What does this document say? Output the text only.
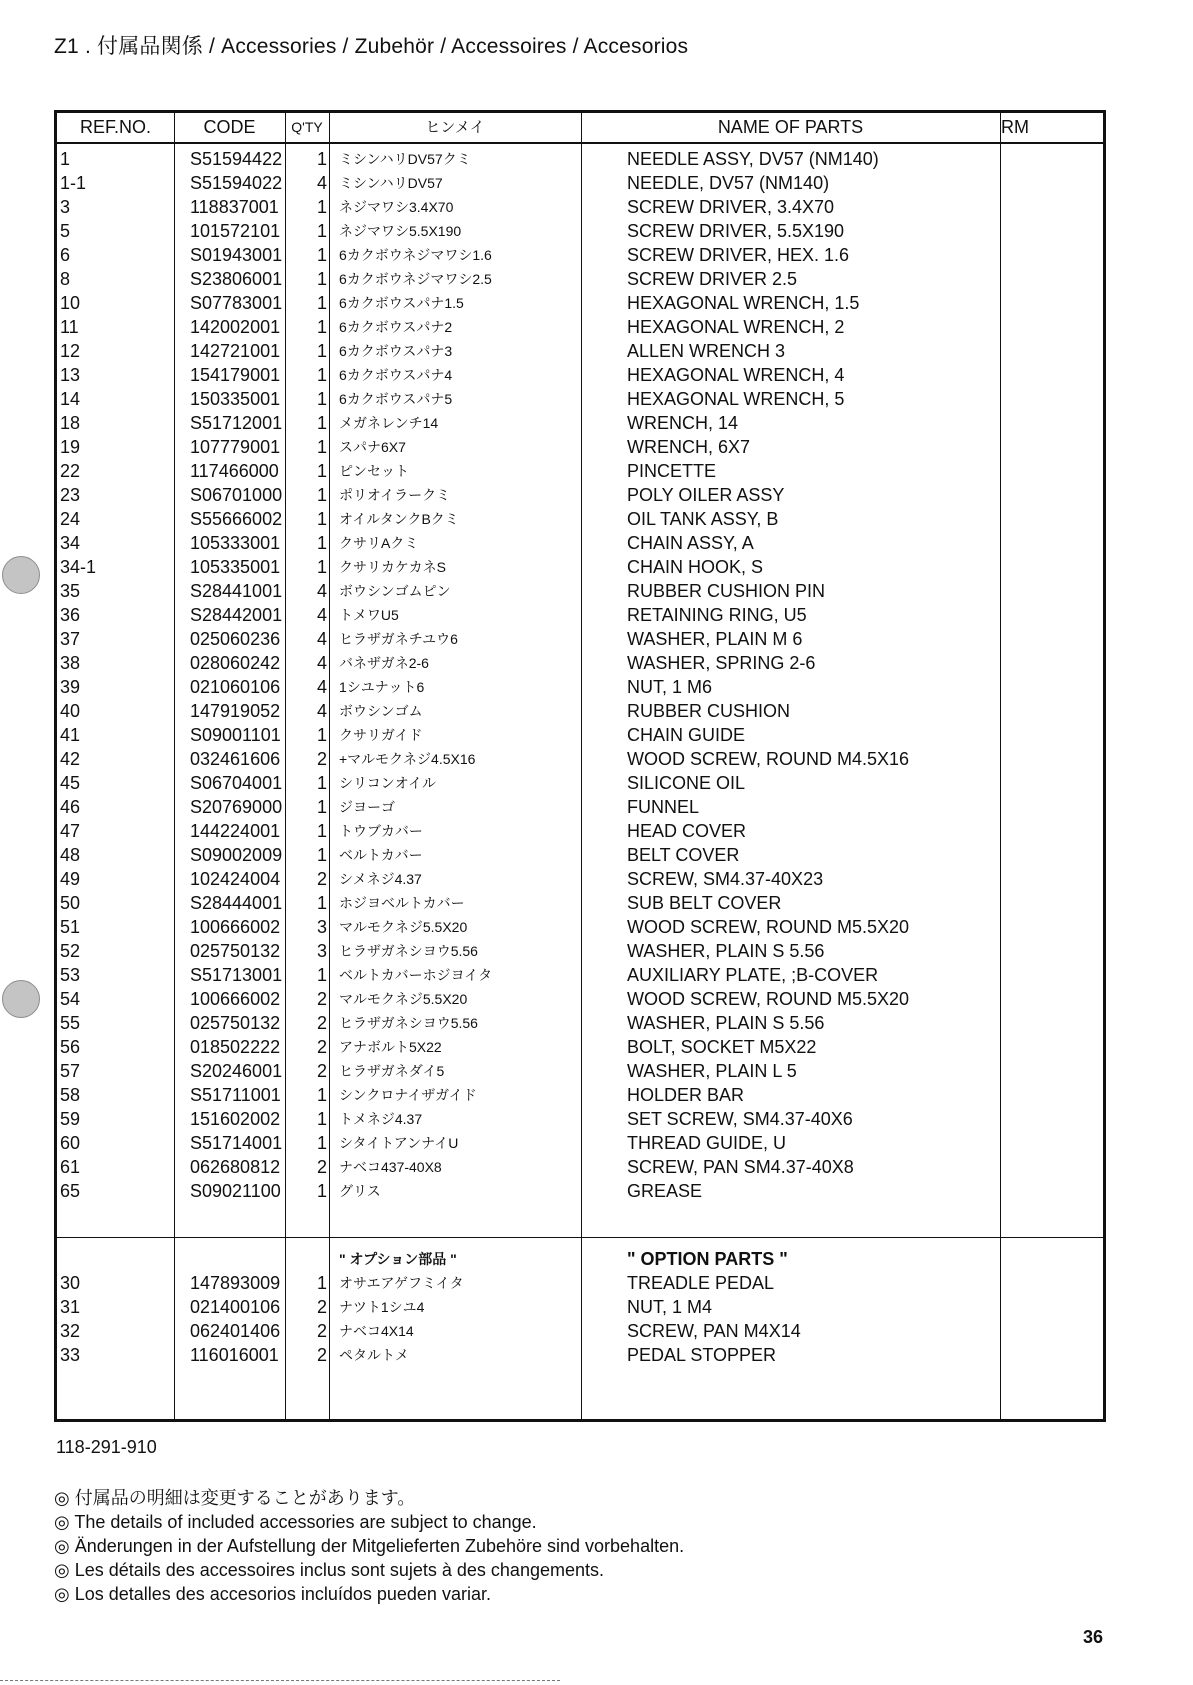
Z1 . 付属品関係 / Accessories / Zubehör / Accessoires / Accesorios
REF.NO.	CODE	Q'TY	ヒンメイ	NAME OF PARTS	RM
1	S51594422	1 ミシンハリDV57クミ	NEEDLE ASSY, DV57 (NM140)
1-1	S51594022	4 ミシンハリDV57	NEEDLE, DV57 (NM140)
3	118837001	1 ネジマワシ3.4X70	SCREW DRIVER, 3.4X70
5	101572101	1 ネジマワシ5.5X190	SCREW DRIVER, 5.5X190
6	S01943001	1 6カクボウネジマワシ1.6	SCREW DRIVER, HEX. 1.6
8	S23806001	1 6カクボウネジマワシ2.5	SCREW DRIVER 2.5
10	S07783001	1 6カクボウスパナ1.5	HEXAGONAL WRENCH, 1.5
11	142002001	1 6カクボウスパナ2	HEXAGONAL WRENCH, 2
12	142721001	1 6カクボウスパナ3	ALLEN WRENCH 3
13	154179001	1 6カクボウスパナ4	HEXAGONAL WRENCH, 4
14	150335001	1 6カクボウスパナ5	HEXAGONAL WRENCH, 5
18	S51712001	1 メガネレンチ14	WRENCH, 14
19	107779001	1 スパナ6X7	WRENCH, 6X7
22	117466000	1 ピンセット	PINCETTE
23	S06701000	1 ポリオイラークミ	POLY OILER ASSY
24	S55666002	1 オイルタンクBクミ	OIL TANK ASSY, B
34	105333001	1 クサリAクミ	CHAIN ASSY, A
34-1	105335001	1 クサリカケカネS	CHAIN HOOK, S
35	S28441001	4 ボウシンゴムピン	RUBBER CUSHION PIN
36	S28442001	4 トメワU5	RETAINING RING, U5
37	025060236	4 ヒラザガネチユウ6	WASHER, PLAIN M 6
38	028060242	4 バネザガネ2-6	WASHER, SPRING 2-6
39	021060106	4 1シユナット6	NUT, 1 M6
40	147919052	4 ボウシンゴム	RUBBER CUSHION
41	S09001101	1 クサリガイド	CHAIN GUIDE
42	032461606	2 +マルモクネジ4.5X16	WOOD SCREW, ROUND M4.5X16
45	S06704001	1 シリコンオイル	SILICONE OIL
46	S20769000	1 ジヨーゴ	FUNNEL
47	144224001	1 トウブカバー	HEAD COVER
48	S09002009	1 ベルトカバー	BELT COVER
49	102424004	2 シメネジ4.37	SCREW, SM4.37-40X23
50	S28444001	1 ホジヨベルトカバー	SUB BELT COVER
51	100666002	3 マルモクネジ5.5X20	WOOD SCREW, ROUND M5.5X20
52	025750132	3 ヒラザガネシヨウ5.56	WASHER, PLAIN S 5.56
53	S51713001	1 ベルトカバーホジヨイタ	AUXILIARY PLATE, ;B-COVER
54	100666002	2 マルモクネジ5.5X20	WOOD SCREW, ROUND M5.5X20
55	025750132	2 ヒラザガネシヨウ5.56	WASHER, PLAIN S 5.56
56	018502222	2 アナボルト5X22	BOLT, SOCKET M5X22
57	S20246001	2 ヒラザガネダイ5	WASHER, PLAIN L 5
58	S51711001	1 シンクロナイザガイド	HOLDER BAR
59	151602002	1 トメネジ4.37	SET SCREW, SM4.37-40X6
60	S51714001	1 シタイトアンナイU	THREAD GUIDE, U
61	062680812	2 ナベコ437-40X8	SCREW, PAN SM4.37-40X8
65	S09021100	1 グリス	GREASE
" オプション部品 "	" OPTION PARTS "
30	147893009	1 オサエアゲフミイタ	TREADLE PEDAL
31	021400106	2 ナツト1シユ4	NUT, 1 M4
32	062401406	2 ナベコ4X14	SCREW, PAN M4X14
33	116016001	2 ペタルトメ	PEDAL STOPPER
118-291-910
◎ 付属品の明細は変更することがあります。
◎ The details of included accessories are subject to change.
◎ Änderungen in der Aufstellung der Mitgelieferten Zubehöre sind vorbehalten.
◎ Les détails des accessoires inclus sont sujets à des changements.
◎ Los detalles des accesorios incluídos pueden variar.
36
